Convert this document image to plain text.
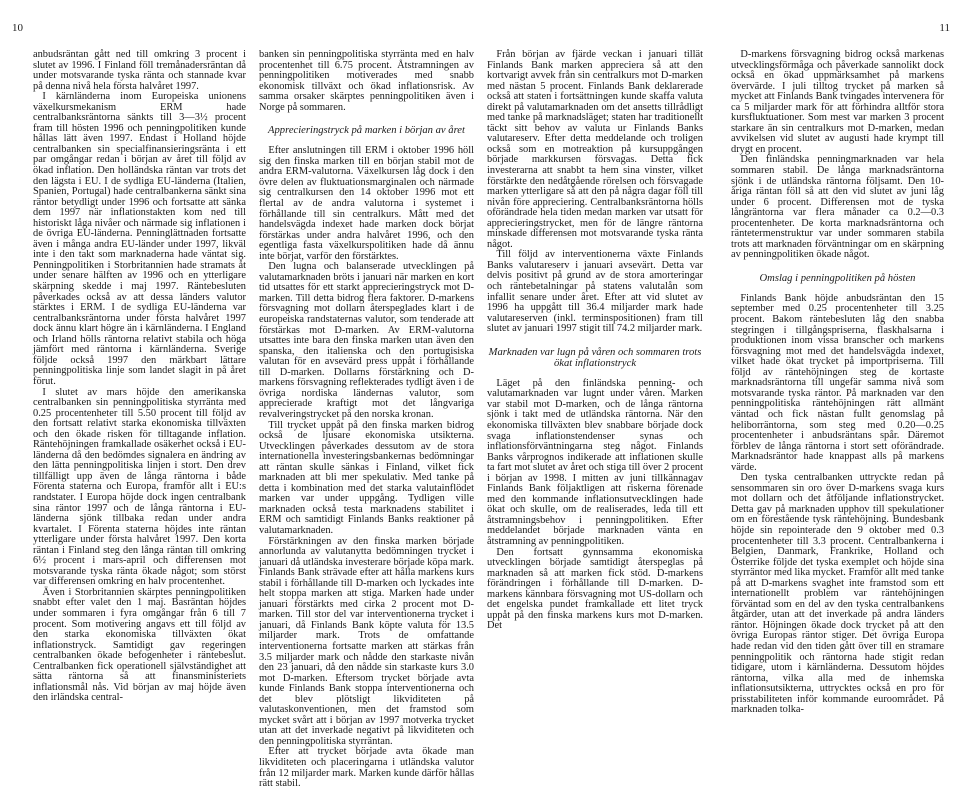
10	11

anbudsräntan gått ned till omkring 3 procent i slutet av 1996. I Finland föll tremånadersräntan då under motsvarande tyska ränta och stannade kvar på denna nivå hela första halvåret 1997.

I kärnländerna inom Europeiska unionens växelkursmekanism ERM hade centralbanksräntorna sänkts till 3—3½ procent fram till hösten 1996 och penningpolitiken kunde hållas lätt även 1997. Endast i Holland höjde centralbanken sin specialfinansieringsränta i ett par omgångar redan i början av året till följd av ökad inflation. Den holländska räntan var trots det den lägsta i EU. I de sydliga EU-länderna (Italien, Spanien, Portugal) hade centralbankerna sänkt sina räntor betydligt under 1996 och fortsatte att sänka dem 1997 när inflationstakten kom ned till historiskt låga nivåer och närmade sig inflationen i de övriga EU-länderna. Penninglättnaden fortsatte även i många andra EU-länder under 1997, likväl inte i den takt som marknaderna hade väntat sig. Penningpolitiken i Storbritannien hade stramats åt under senare hälften av 1996 och en ytterligare skärpning skedde i maj 1997. Räntebesluten påverkades också av att dessa länders valutor stärktes i ERM. I de sydliga EU-länderna var centralbanksräntorna under första halvåret 1997 dock ännu klart högre än i kärnländerna. I England och Irland hölls räntorna relativt stabila och höga jämfört med räntorna i kärnländerna. Sverige följde också 1997 den märkbart lättare penningpolitiska linje som landet slagit in på året förut.

I slutet av mars höjde den amerikanska centralbanken sin penningpolitiska styrränta med 0.25 procentenheter till 5.50 procent till följd av den fortsatt relativt starka ekonomiska tillväxten och den ökade risken för tilltagande inflation. Räntehöjningen framkallade osäkerhet också i EU-länderna då den bedömdes signalera en ändring av den lätta penningpolitiska linjen i stort. Den drev tillfälligt upp även de långa räntorna i både Förenta staterna och Europa, framför allt i EU:s randstater. I Europa höjde dock ingen centralbank sina räntor 1997 och de långa räntorna i EU-länderna sjönk tillbaka redan under andra kvartalet. I Förenta staterna höjdes inte räntan ytterligare under första halvåret 1997. Den korta räntan i Finland steg den långa räntan till omkring 6½ procent i mars-april och differensen mot motsvarande tyska ränta ökade något; som störst var differensen omkring en halv procentenhet.

Även i Storbritannien skärptes penningpolitiken snabbt efter valet den 1 maj. Basräntan höjdes under sommaren i fyra omgångar från 6 till 7 procent. Som motivering angavs ett till följd av den starka ekonomiska tillväxten ökat inflationstryck. Samtidigt gav regeringen centralbanken ökade befogenheter i räntebeslut. Centralbanken fick operationell självständighet att sätta räntorna så att finansministeriets inflationsmål nås. Vid början av maj höjde även den irländska central-

banken sin penningpolitiska styrränta med en halv procentenhet till 6.75 procent. Åtstramningen av penningpolitiken motiverades med snabb ekonomisk tillväxt och ökad inflationsrisk. Av samma orsaker skärptes penningpolitiken även i Norge på sommaren.

Apprecieringstryck på marken i början av året

Efter anslutningen till ERM i oktober 1996 höll sig den finska marken till en början stabil mot de andra ERM-valutorna. Växelkursen låg dock i den övre delen av fluktuationsmarginalen och närmade sig centralkursen den 14 oktober 1996 mot ett flertal av de andra valutorna i systemet i förhållande till sin centralkurs. Mått med det handelsvägda indexet hade marken dock börjat förstärkas under andra halvåret 1996, och den egentliga fasta växelkurspolitiken hade då ännu inte börjat, varför den förstärktes.

Den lugna och balanserade utvecklingen på valutamarknaden bröts i januari när marken en kort tid utsattes för ett starkt apprecieringstryck mot D-marken. Till detta bidrog flera faktorer. D-markens försvagning mot dollarn återspeglades klart i de europeiska randstaternas valutor, som tenderade att förstärkas mot D-marken. Av ERM-valutorna utsattes inte bara den finska marken utan även den spanska, den italienska och den portugisiska valutan för en avsevärd press uppåt i förhållande till D-marken. Dollarns förstärkning och D-markens försvagning reflekterades tydligt även i de övriga nordiska ländernas valutor, som apprecierade kraftigt mot det långvariga revalveringstrycket på den norska kronan.

Till trycket uppåt på den finska marken bidrog också de ljusare ekonomiska utsikterna. Utvecklingen påverkades dessutom av de stora internationella investeringsbankernas bedömningar att räntan skulle sänkas i Finland, vilket fick marknaden att bli mer spekulativ. Med tanke på detta i kombination med det starka valutainflödet marken var under uppgång. Tydligen ville marknaden också testa marknadens stabilitet i ERM och samtidigt Finlands Banks reaktioner på valutamarknaden.

Förstärkningen av den finska marken började annorlunda av valutanytta bedömningen trycket i januari då utländska investerare började köpa mark. Finlands Bank strävade efter att hålla markens kurs stabil i förhållande till D-marken och lyckades inte helt stoppa marken att stiga. Marken hade under januari förstärkts med cirka 2 procent mot D-marken. Till stor del var interventionerna trycket i januari, då Finlands Bank köpte valuta för 13.5 miljarder mark. Trots de omfattande interventionerna fortsatte marken att stärkas från 3.5 miljarder mark och nådde den starkaste nivån den 23 januari, då den nådde sin starkaste kurs 3.0 mot D-marken. Eftersom trycket började avta kunde Finlands Bank stoppa interventionerna och det blev plötsligt likviditeten på valutaskonventionen, men det framstod som mycket svårt att i början av 1997 motverka trycket utan att det inverkade negativt på likviditeten och den penningpolitiska styrräntan.

Efter att trycket började avta ökade man likviditeten och placeringarna i utländska valutor från 12 miljarder mark. Marken kunde därför hållas rätt stabil.

Från början av fjärde veckan i januari tillät Finlands Bank marken appreciera så att den kortvarigt avvek från sin centralkurs mot D-marken med nästan 5 procent. Finlands Bank deklarerade också att staten i fortsättningen kunde skaffa valuta direkt på valutamarknaden om det ansetts tillrådligt med tanke på marknadsläget; staten har traditionellt täckt sitt behov av valuta ur Finlands Banks valutareserv. Efter detta meddelande och troligen också som en motreaktion på kursuppgången började markkursen försvagas. Detta fick investerarna att snabbt ta hem sina vinster, vilket förstärkte den nedåtgående rörelsen och försvagade marken ytterligare så att den på några dagar föll till nivån före appreciering. Centralbanksräntorna hölls oförändrade hela tiden medan marken var utsatt för apprecieringstrycket, men för de längre räntorna minskade differensen mot motsvarande tyska ränta något.

Till följd av interventionerna växte Finlands Banks valutareserv i januari avsevärt. Detta var delvis positivt på grund av de stora amorteringar och räntebetalningar på statens valutalån som infallit senare under året. Efter att vid slutet av 1996 ha uppgått till 36.4 miljarder mark hade valutareserven (inkl. terminspositionen) fram till slutet av januari 1997 stigit till 74.2 miljarder mark.

Marknaden var lugn på våren och sommaren trots ökat inflationstryck

Läget på den finländska penning- och valutamarknaden var lugnt under våren. Marken var stabil mot D-marken, och de långa räntorna sjönk i takt med de utländska räntorna. När den ekonomiska tillväxten blev snabbare började dock svaga inflationstendenser synas och inflationsförväntningarna steg något. Finlands Banks vårprognos indikerade att inflationen skulle ta fart mot slutet av året och stiga till över 2 procent i början av 1998. I mitten av juni tillkännagav Finlands Bank följaktligen att riskerna förenade med den kommande inflationsutvecklingen hade ökat och skulle, om de realiserades, leda till ett åtstramningsbehov i penningpolitiken. Efter meddelandet började marknaden vänta en åtstramning av penningpolitiken.

Den fortsatt gynnsamma ekonomiska utvecklingen började samtidigt återspeglas på marknaden så att marken fick stöd. D-markens förändringen i förhållande till D-marken. D-markens kännbara försvagning mot US-dollarn och det engelska pundet framkallade ett litet tryck uppåt på den finska markens kurs mot D-marken. Det

D-markens försvagning bidrog också markenas utvecklingsförmåga och påverkade sannolikt dock också en ökad uppmärksamhet på markens övervärde. I juli tilltog trycket på marken så mycket att Finlands Bank tvingades intervenera för ca 5 miljarder mark för att förhindra alltför stora kursfluktuationer. Som mest var marken 3 procent starkare än sin centralkurs mot D-marken, medan avvikelsen vid slutet av augusti hade krympt till drygt en procent.

Den finländska penningmarknaden var hela sommaren stabil. De långa marknadsräntorna sjönk i de utländska räntorna följsamt. Den 10-åriga räntan föll så att den vid slutet av juni låg under 6 procent. Differensen mot de tyska långräntorna var flera månader ca 0.2—0.3 procentenheter. De korta marknadsräntorna och räntetermenstruktur var under sommaren stabila trots att marknaden förväntningar om en skärpning av penningpolitiken ökade något.

Omslag i penningpolitiken på hösten

Finlands Bank höjde anbudsräntan den 15 september med 0.25 procentenheter till 3.25 procent. Bakom räntebesluten låg den snabba stegringen i tillgångspriserna, flaskhalsarna i produktionen inom vissa branscher och markens försvagning mot med det handelsvägda indexet, vilket hade ökat trycket på importpriserna. Till följd av räntehöjningen steg de kortaste marknadsräntorna till ungefär samma nivå som motsvarande tyska räntor. På marknaden var den penningpolitiska räntehöjningen rätt allmänt väntad och fick nästan fullt genomslag på heliborräntorna, som steg med 0.20—0.25 procentenheter i anbudsräntans spår. Däremot förblev de långa räntorna i stort sett oförändrade. Marknadsräntor hade knappast alls på markens värde.

Den tyska centralbanken uttryckte redan på sensommaren sin oro över D-markens svaga kurs mot dollarn och det åtföljande inflationstrycket. Detta gav på marknaden upphov till spekulationer om en förestående tysk räntehöjning. Bundesbank höjde sin repointerade den 9 oktober med 0.3 procentenheter till 3.3 procent. Centralbankerna i Belgien, Danmark, Frankrike, Holland och Österrike följde det tyska exemplet och höjde sina styrräntor med lika mycket. Framför allt med tanke på att D-markens svaghet inte framstod som ett internationellt problem var räntehöjningen förväntad som en del av den tyska centralbankens åtgärder, utan att det inverkade på andra länders räntor. Höjningen ökade dock trycket på att den övriga Europas räntor stiger. Det övriga Europa hade redan vid den tiden gått över till en stramare penningpolitik och räntorna hade stigit redan tidigare, utom i kärnländerna. Dessutom höjdes räntorna, vilka alla med de inhemska inflationsutsikterna, uttrycktes också en pro för prisstabiliteten inför kommande euroområdet. På marknaden tolka-
